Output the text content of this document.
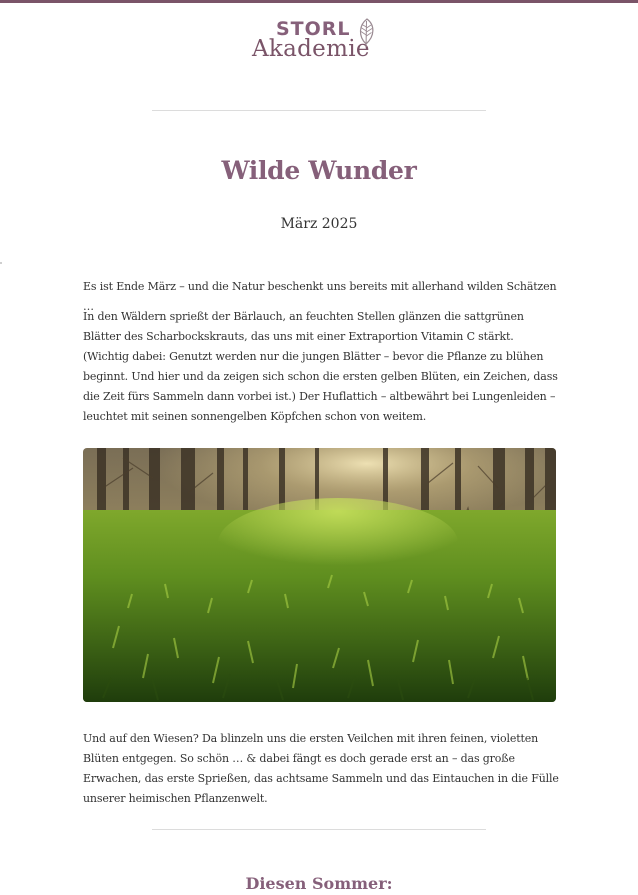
STORL
Akademie
Wilde Wunder
März 2025
Es ist Ende März – und die Natur beschenkt uns bereits mit allerhand wilden Schätzen …
In den Wäldern sprießt der Bärlauch, an feuchten Stellen glänzen die sattgrünen Blätter des Scharbockskrauts, das uns mit einer Extraportion Vitamin C stärkt. (Wichtig dabei: Genutzt werden nur die jungen Blätter – bevor die Pflanze zu blühen beginnt. Und hier und da zeigen sich schon die ersten gelben Blüten, ein Zeichen, dass die Zeit fürs Sammeln dann vorbei ist.) Der Huflattich – altbewährt bei Lungenleiden – leuchtet mit seinen sonnengelben Köpfchen schon von weitem.
Und auf den Wiesen? Da blinzeln uns die ersten Veilchen mit ihren feinen, violetten Blüten entgegen. So schön … & dabei fängt es doch gerade erst an – das große Erwachen, das erste Sprießen, das achtsame Sammeln und das Eintauchen in die Fülle unserer heimischen Pflanzenwelt.
Diesen Sommer:
